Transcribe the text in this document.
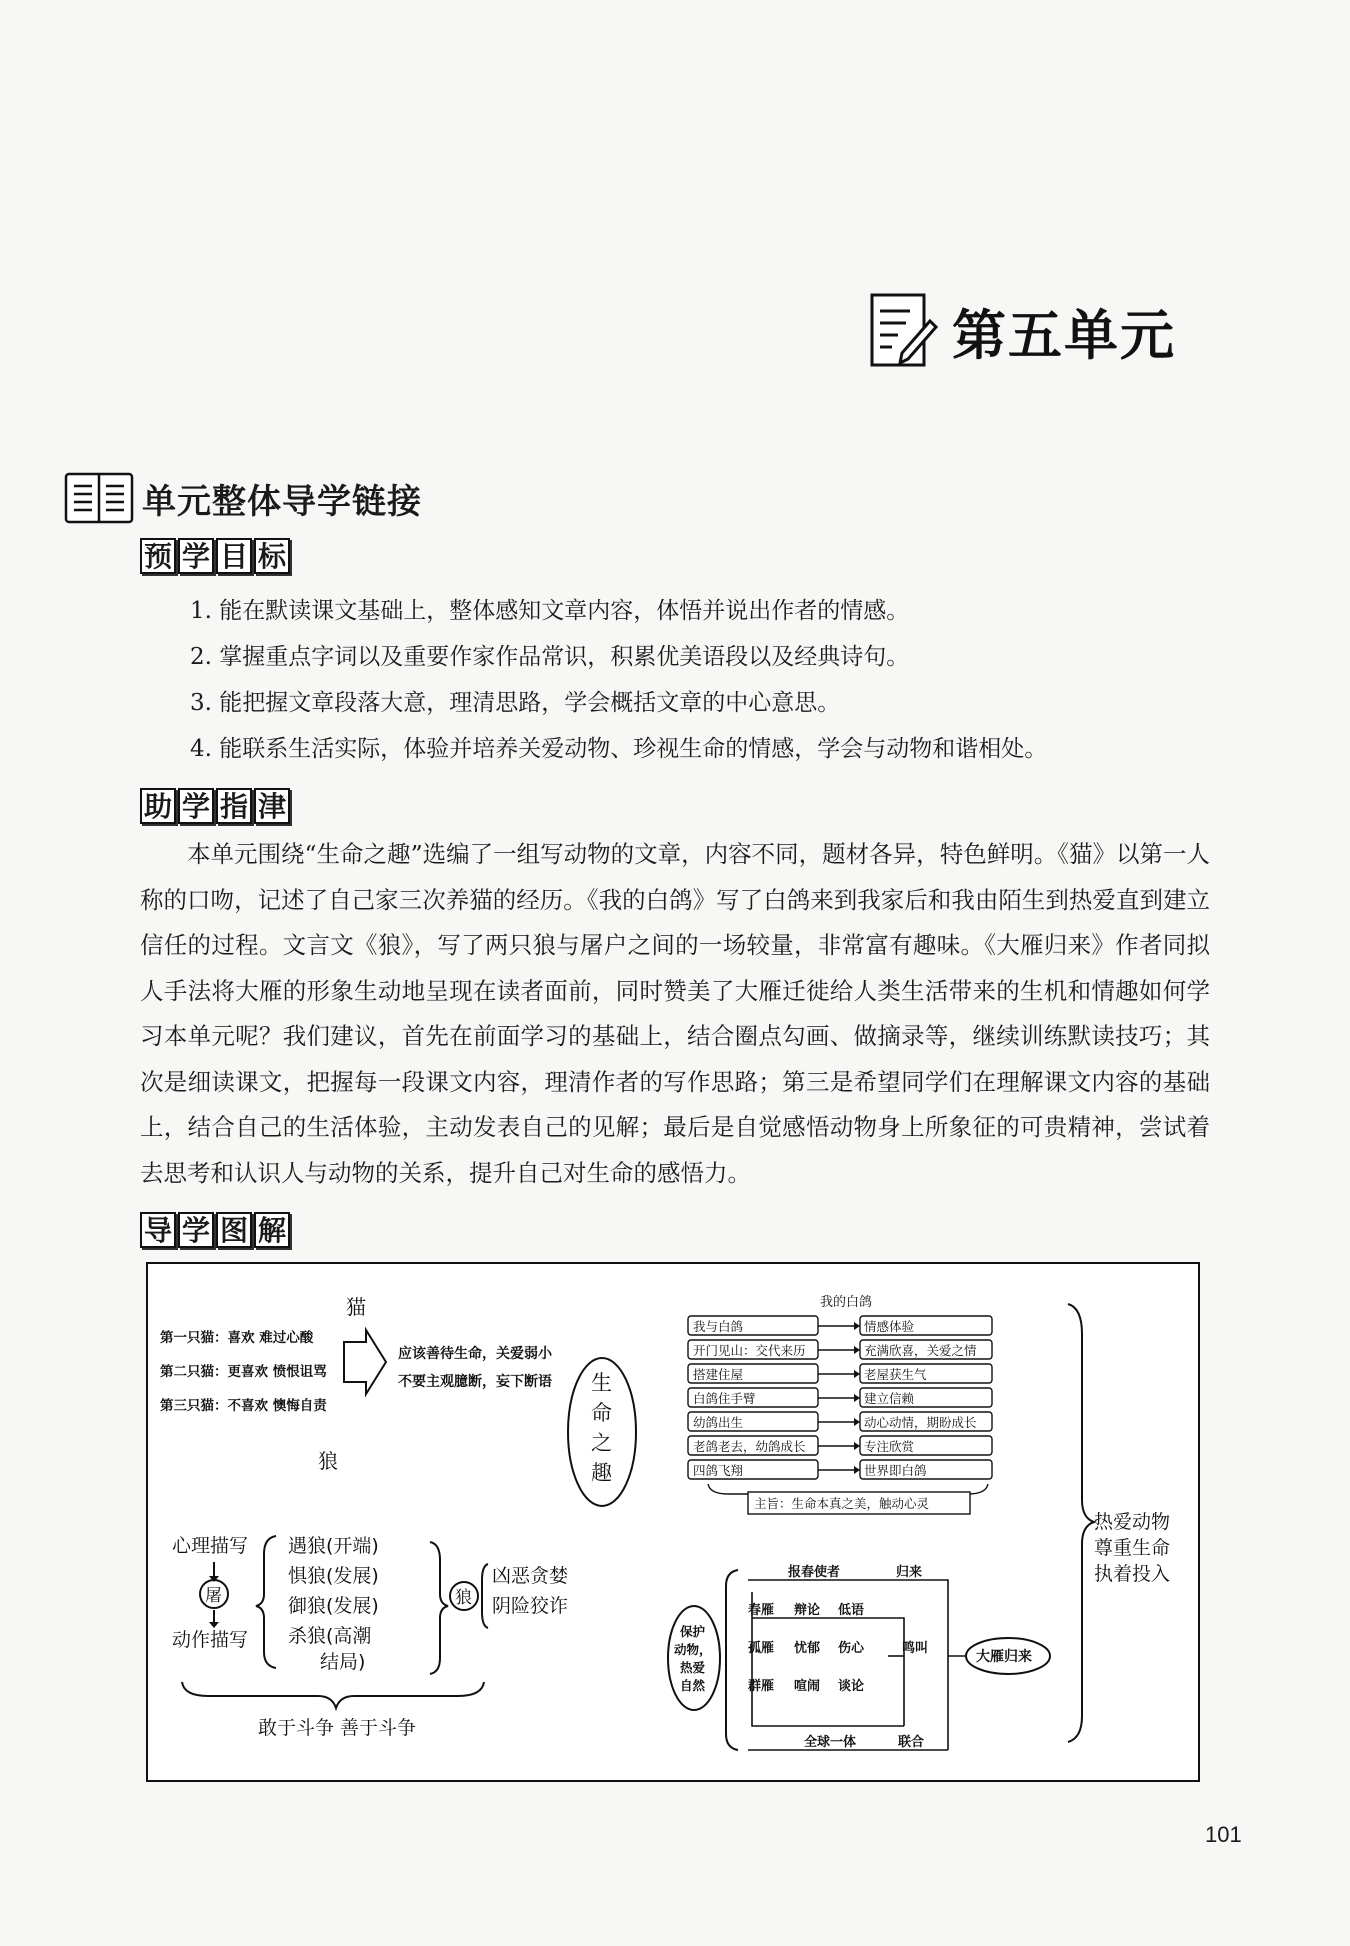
第五单元
单元整体导学链接
预 学 目 标
1. 能在默读课文基础上，整体感知文章内容，体悟并说出作者的情感。
2. 掌握重点字词以及重要作家作品常识，积累优美语段以及经典诗句。
3. 能把握文章段落大意，理清思路，学会概括文章的中心意思。
4. 能联系生活实际，体验并培养关爱动物、珍视生命的情感，学会与动物和谐相处。
助 学 指 津

本单元围绕“生命之趣”选编了一组写动物的文章，内容不同，题材各异，特色鲜明。《猫》以第一人称的口吻，记述了自己家三次养猫的经历。《我的白鸽》写了白鸽来到我家后和我由陌生到热爱直到建立信任的过程。文言文《狼》，写了两只狼与屠户之间的一场较量，非常富有趣味。《大雁归来》作者同拟人手法将大雁的形象生动地呈现在读者面前，同时赞美了大雁迁徙给人类生活带来的生机和情趣如何学习本单元呢？我们建议，首先在前面学习的基础上，结合圈点勾画、做摘录等，继续训练默读技巧；其次是细读课文，把握每一段课文内容，理清作者的写作思路；第三是希望同学们在理解课文内容的基础上，结合自己的生活体验，主动发表自己的见解；最后是自觉感悟动物身上所象征的可贵精神，尝试着去思考和认识人与动物的关系，提升自己对生命的感悟力。

导 学 图 解
猫
第一只猫：喜欢 难过心酸
第二只猫：更喜欢 愤恨诅骂
第三只猫：不喜欢 懊悔自责
应该善待生命，关爱弱小
不要主观臆断，妄下断语 生
命
之
趣
狼
心理描写
屠
动作描写
遇狼(开端)
惧狼(发展)
御狼(发展)
杀狼(高潮
结局)
狼
凶恶贪婪
阴险狡诈
敢于斗争 善于斗争
我的白鸽
我与白鸽	情感体验
开门见山：交代来历	充满欣喜，关爱之情
搭建住屋	老屋获生气
白鸽住手臂	建立信赖
幼鸽出生	动心动情，期盼成长
老鸽老去，幼鸽成长	专注欣赏
四鸽飞翔	世界即白鸽
主旨：生命本真之美，触动心灵
热爱动物
尊重生命
执着投入
保护
动物，
热爱
自然
报春使者	归来
春雁 辩论 低语
孤雁 忧郁 伤心	鸣叫
群雁 喧闹 谈论
全球一体	联合
大雁归来
101
